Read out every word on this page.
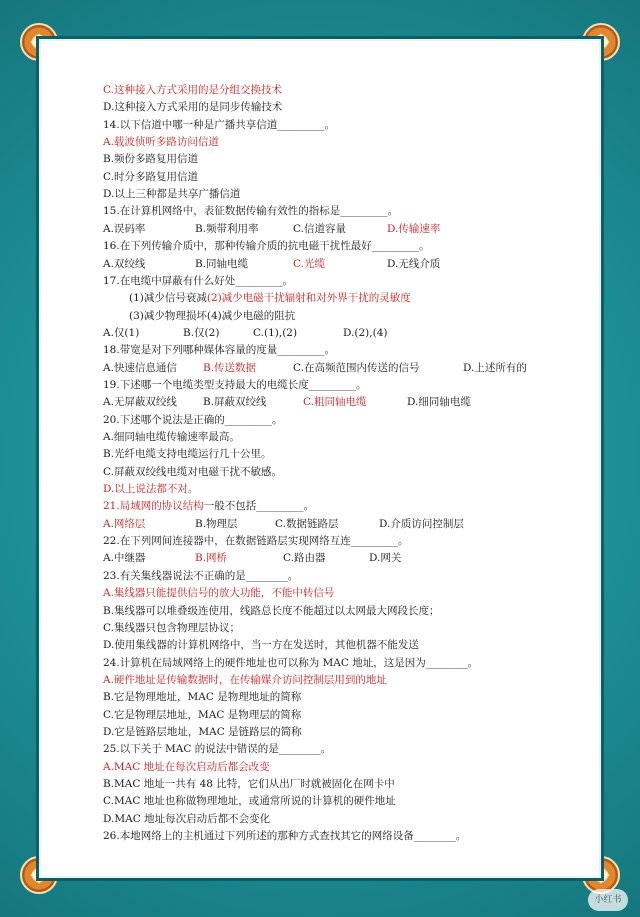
C.这种接入方式采用的是分组交换技术
D.这种接入方式采用的是同步传输技术
14.以下信道中哪一种是广播共享信道_________。
A.载波侦听多路访问信道
B.频份多路复用信道
C.时分多路复用信道
D.以上三种都是共享广播信道
15.在计算机网络中，表征数据传输有效性的指标是_________。
A.误码率	B.频带利用率	C.信道容量	D.传输速率
16.在下列传输介质中，那种传输介质的抗电磁干扰性最好_________。
A.双绞线	B.同轴电缆	C.光缆	D.无线介质
17.在电缆中屏蔽有什么好处_________。
(1)减少信号衰减(2)减少电磁干扰辐射和对外界干扰的灵敏度
(3)减少物理损坏(4)减少电磁的阻抗
A.仅(1)	B.仅(2)	C.(1),(2)	D.(2),(4)
18.带宽是对下列哪种媒体容量的度量_________。
A.快速信息通信 B.传送数据	C.在高频范围内传送的信号	D.上述所有的
19.下述哪一个电缆类型支持最大的电缆长度_________。
A.无屏蔽双绞线 B.屏蔽双绞线	C.粗同轴电缆	D.细同轴电缆
20.下述哪个说法是正确的_________。
A.细同轴电缆传输速率最高。
B.光纤电缆支持电缆运行几十公里。
C.屏蔽双绞线电缆对电磁干扰不敏感。
D.以上说法都不对。
21.局域网的协议结构一般不包括_________。
A.网络层	B.物理层	C.数据链路层	D.介质访问控制层
22.在下列网间连接器中，在数据链路层实现网络互连_________。
A.中继器	B.网桥	C.路由器	D.网关
23.有关集线器说法不正确的是________。
A.集线器只能提供信号的放大功能，不能中转信号
B.集线器可以堆叠级连使用，线路总长度不能超过以太网最大网段长度；
C.集线器只包含物理层协议；
D.使用集线器的计算机网络中，当一方在发送时，其他机器不能发送
24.计算机在局域网络上的硬件地址也可以称为 MAC 地址，这是因为________。
A.硬件地址是传输数据时，在传输媒介访问控制层用到的地址
B.它是物理地址，MAC 是物理地址的简称
C.它是物理层地址，MAC 是物理层的简称
D.它是链路层地址，MAC 是链路层的简称
25.以下关于 MAC 的说法中错误的是________。
A.MAC 地址在每次启动后都会改变
B.MAC 地址一共有 48 比特，它们从出厂时就被固化在网卡中
C.MAC 地址也称做物理地址，或通常所说的计算机的硬件地址
D.MAC 地址每次启动后都不会变化
26.本地网络上的主机通过下列所述的那种方式查找其它的网络设备________。
小红书
